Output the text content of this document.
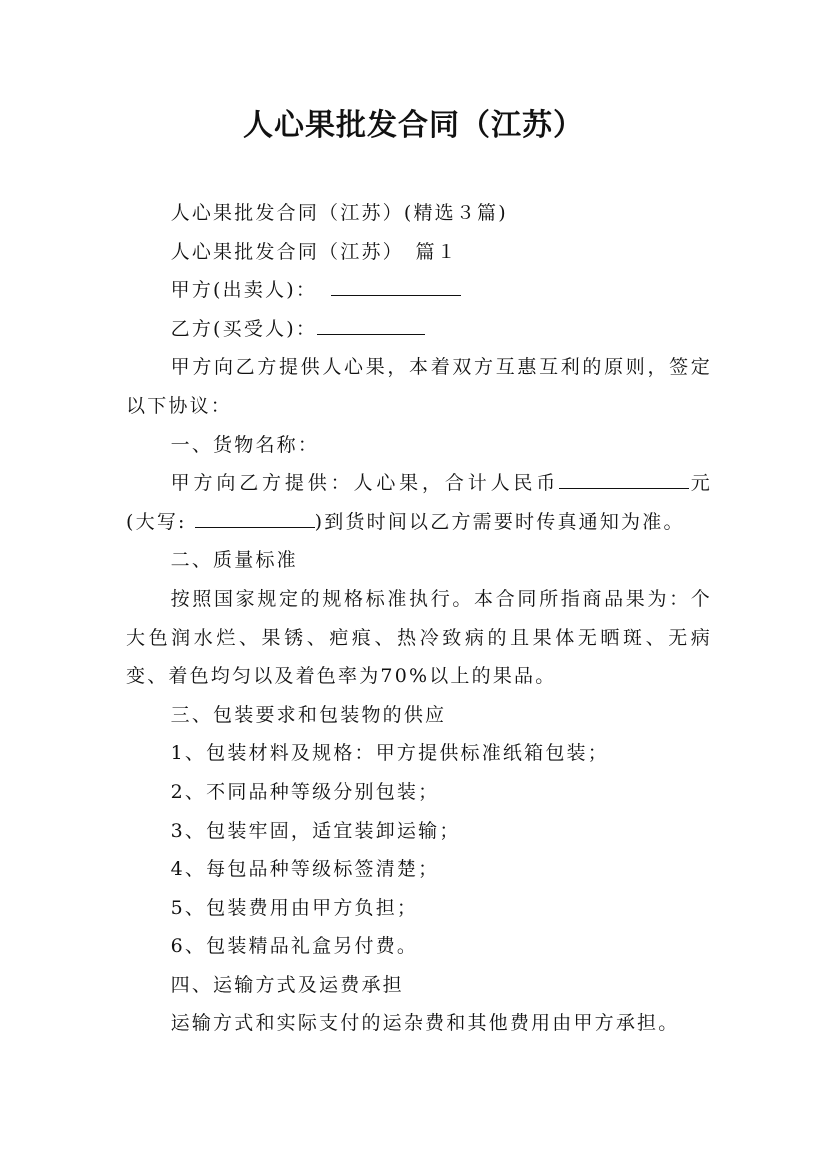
人心果批发合同（江苏）

人心果批发合同（江苏）(精选３篇)

人心果批发合同（江苏）　篇１

甲方(出卖人)：

乙方(买受人)：

甲方向乙方提供人心果，本着双方互惠互利的原则，签定以下协议：

一、货物名称：

甲方向乙方提供：人心果，合计人民币	元(大写:	)到货时间以乙方需要时传真通知为准。

二、质量标准

按照国家规定的规格标准执行。本合同所指商品果为：个大色润水烂、果锈、疤痕、热冷致病的且果体无晒斑、无病变、着色均匀以及着色率为70%以上的果品。

三、包装要求和包装物的供应

1、包装材料及规格：甲方提供标准纸箱包装；

2、不同品种等级分别包装；

3、包装牢固，适宜装卸运输；

4、每包品种等级标签清楚；

5、包装费用由甲方负担；

6、包装精品礼盒另付费。

四、运输方式及运费承担

运输方式和实际支付的运杂费和其他费用由甲方承担。
